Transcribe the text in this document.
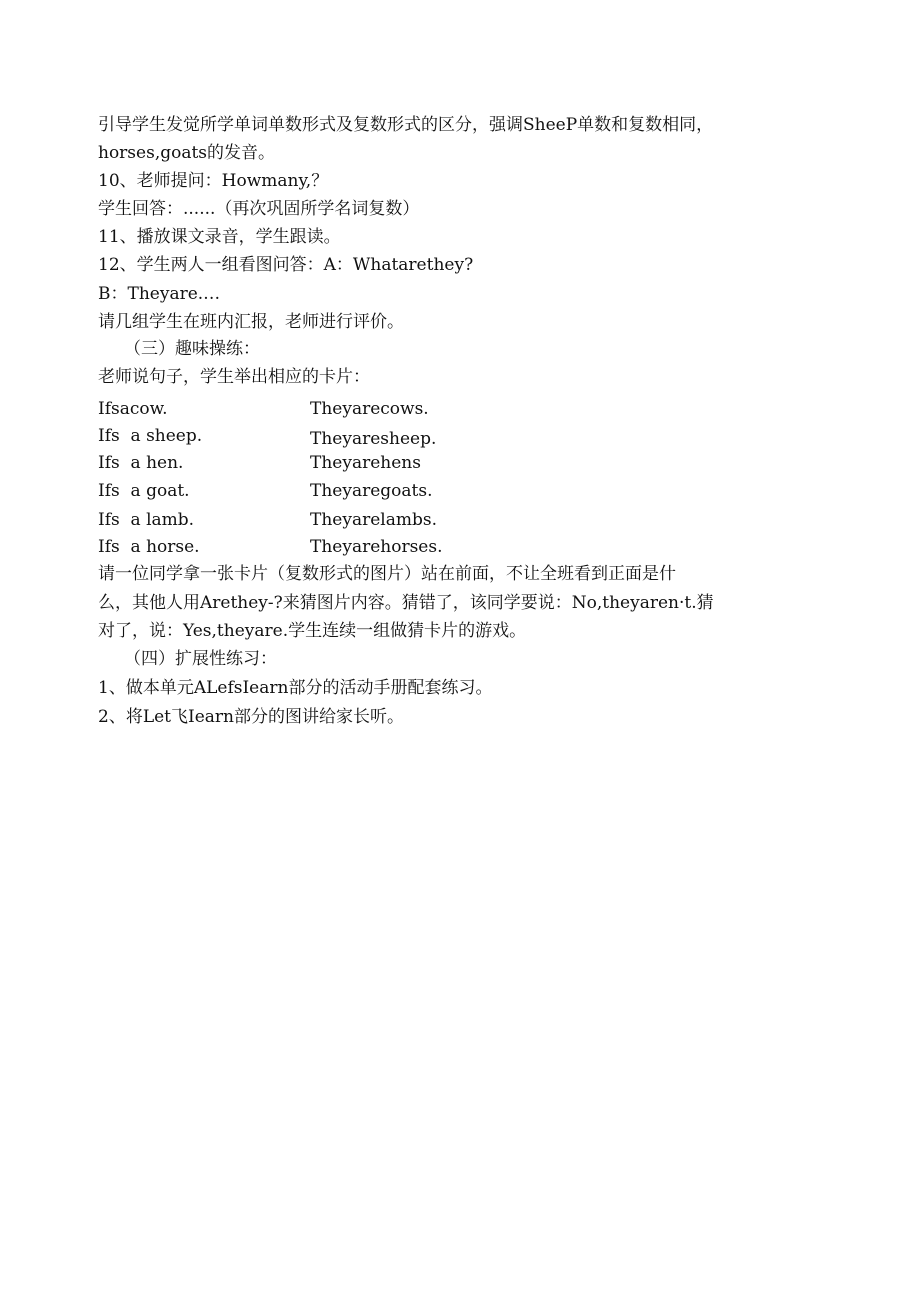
引导学生发觉所学单词单数形式及复数形式的区分，强调SheeP单数和复数相同，
horses,goats的发音。
10、老师提问：Howmany,？
学生回答：......（再次巩固所学名词复数）
11、播放课文录音，学生跟读。
12、学生两人一组看图问答：A：Whatarethey?
B：Theyare.…
请几组学生在班内汇报，老师进行评价。
（三）趣味操练：
老师说句子，学生举出相应的卡片：
Ifsacow.	Theyarecows.
Ifs  a sheep.	Theyaresheep.
Ifs  a hen.	Theyarehens
Ifs  a goat.	Theyaregoats.
Ifs  a lamb.	Theyarelambs.
Ifs  a horse.	Theyarehorses.
请一位同学拿一张卡片（复数形式的图片）站在前面，不让全班看到正面是什
么，其他人用Arethey-?来猜图片内容。猜错了，该同学要说：No,theyaren·t.猜
对了，说：Yes,theyare.学生连续一组做猜卡片的游戏。
（四）扩展性练习：
1、做本单元ALefsIearn部分的活动手册配套练习。
2、将Let飞Iearn部分的图讲给家长听。
